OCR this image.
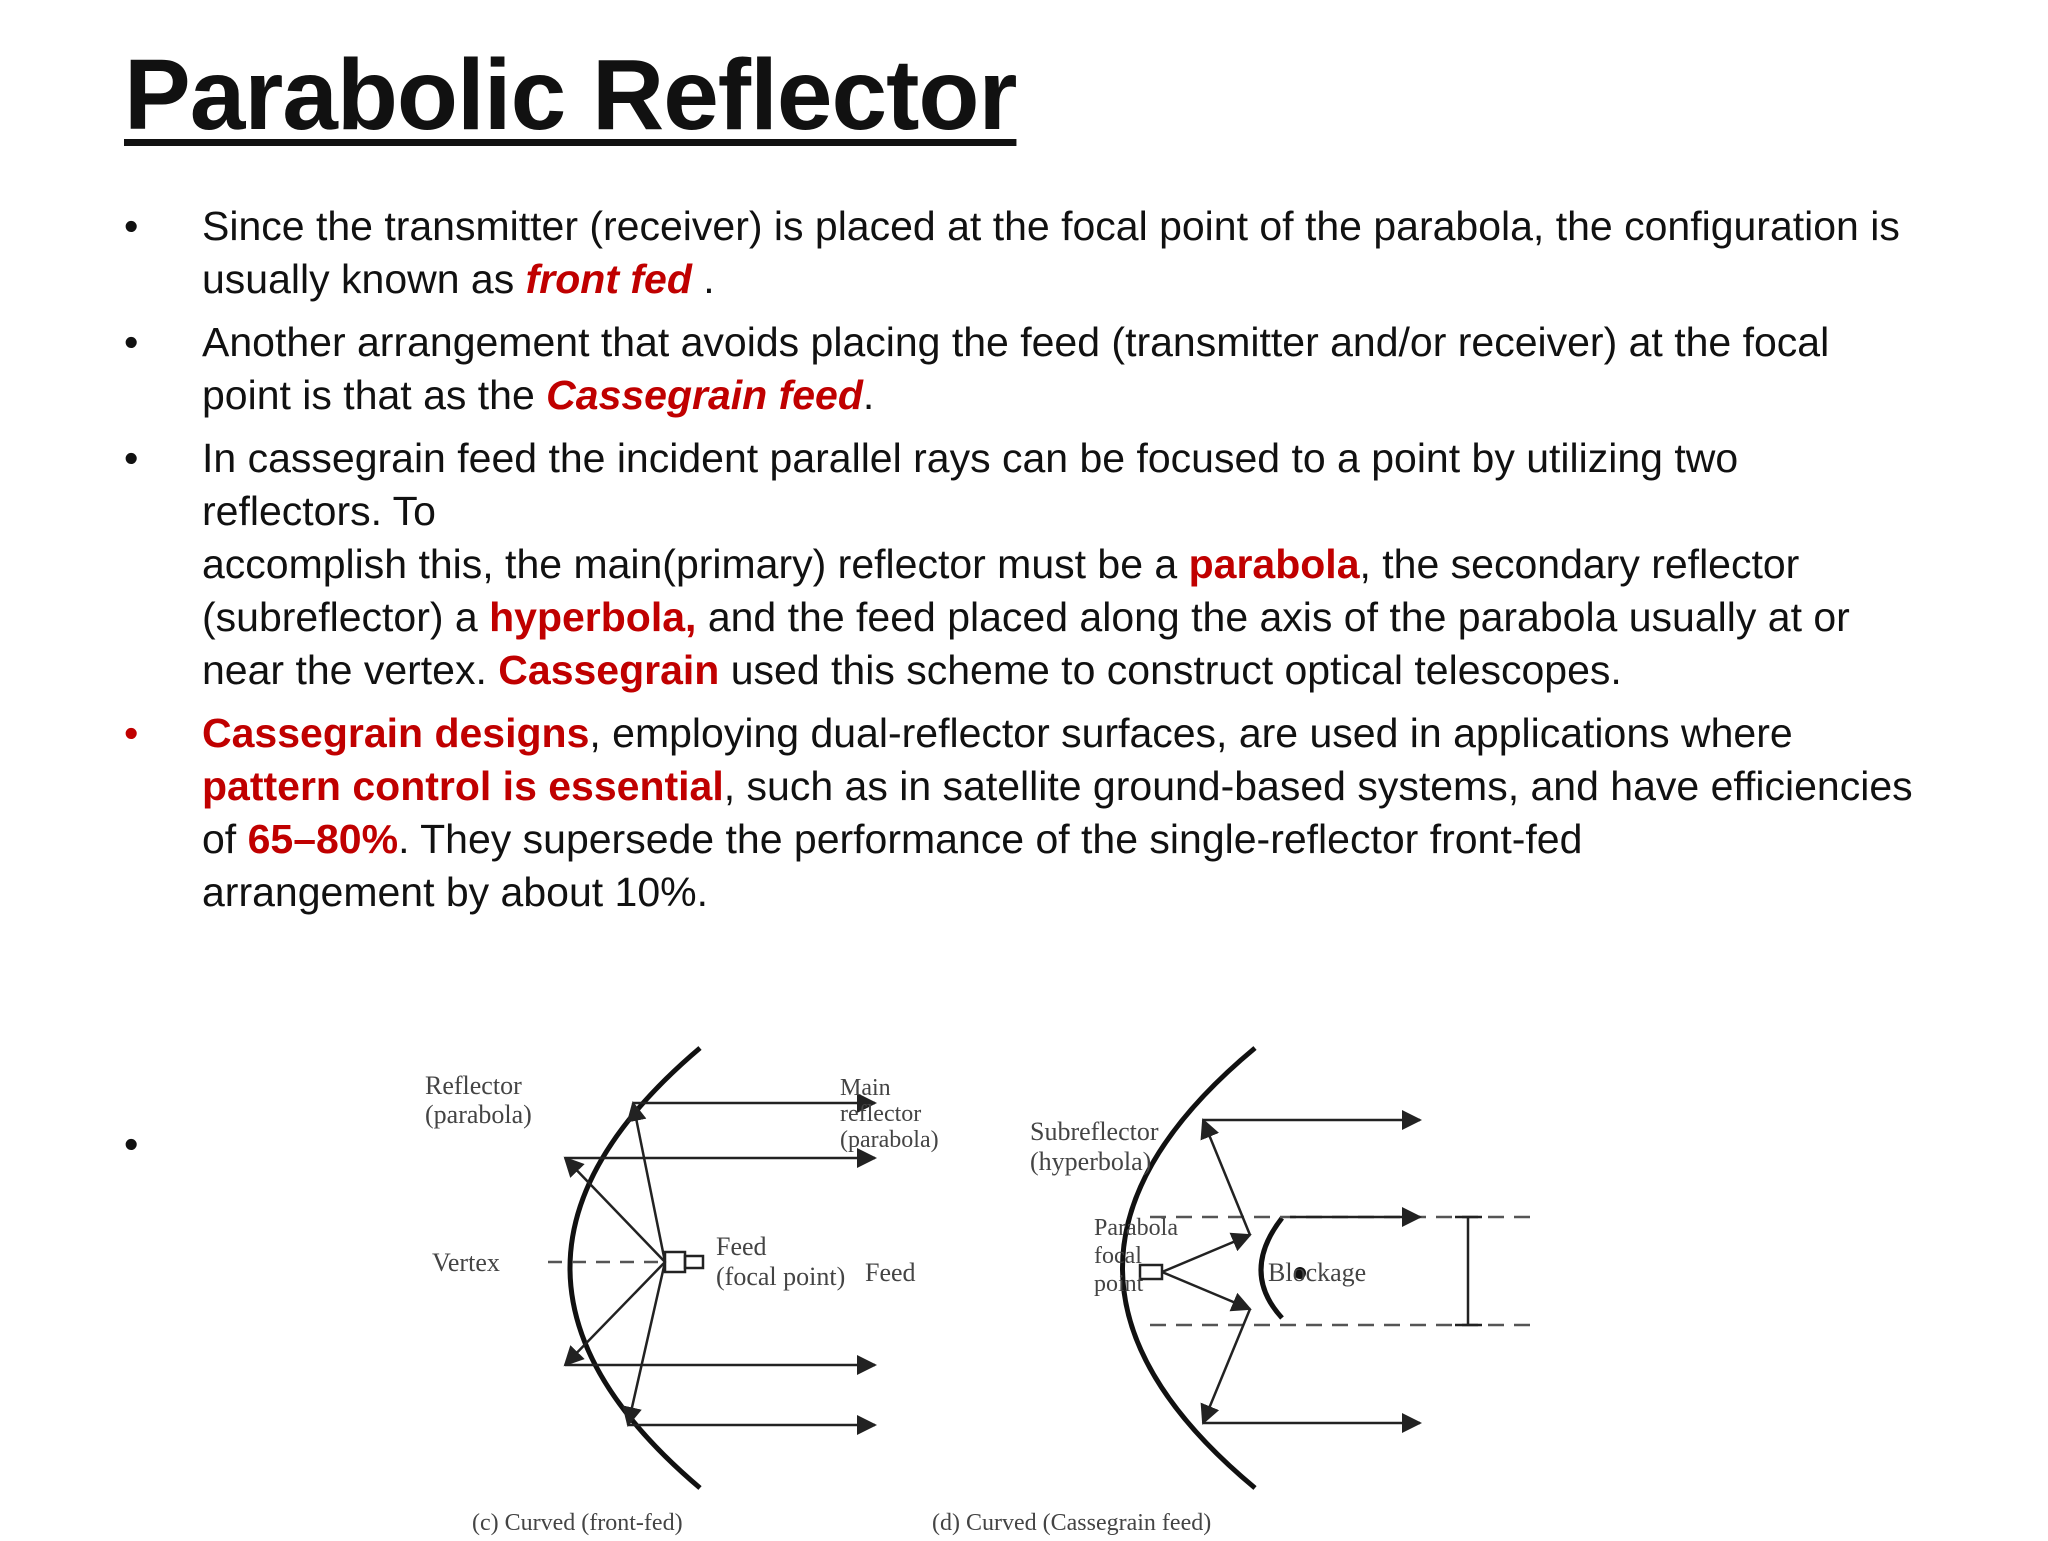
Parabolic Reflector
•	Since the transmitter (receiver) is placed at the focal point of the parabola, the configuration is usually known as front fed .
•	Another arrangement that avoids placing the feed (transmitter and/or receiver) at the focal point is that as the Cassegrain feed.
•	In cassegrain feed the incident parallel rays can be focused to a point by utilizing two reflectors. To
accomplish this, the main(primary) reflector must be a parabola, the secondary reflector
(subreflector) a hyperbola, and the feed placed along the axis of the parabola usually at or near the vertex. Cassegrain used this scheme to construct optical telescopes.
•	Cassegrain designs, employing dual-reflector surfaces, are used in applications where pattern control is essential, such as in satellite ground-based systems, and have efficiencies of 65–80%. They supersede the performance of the single-reflector front-fed
arrangement by about 10%.
•
Reflector
(parabola)
Vertex
Feed
(focal point)
(c) Curved (front-fed)
Main
reflector
(parabola)	Subreflector
(hyperbola)
Parabola
focal
point
Feed	Blockage
(d) Curved (Cassegrain feed)
